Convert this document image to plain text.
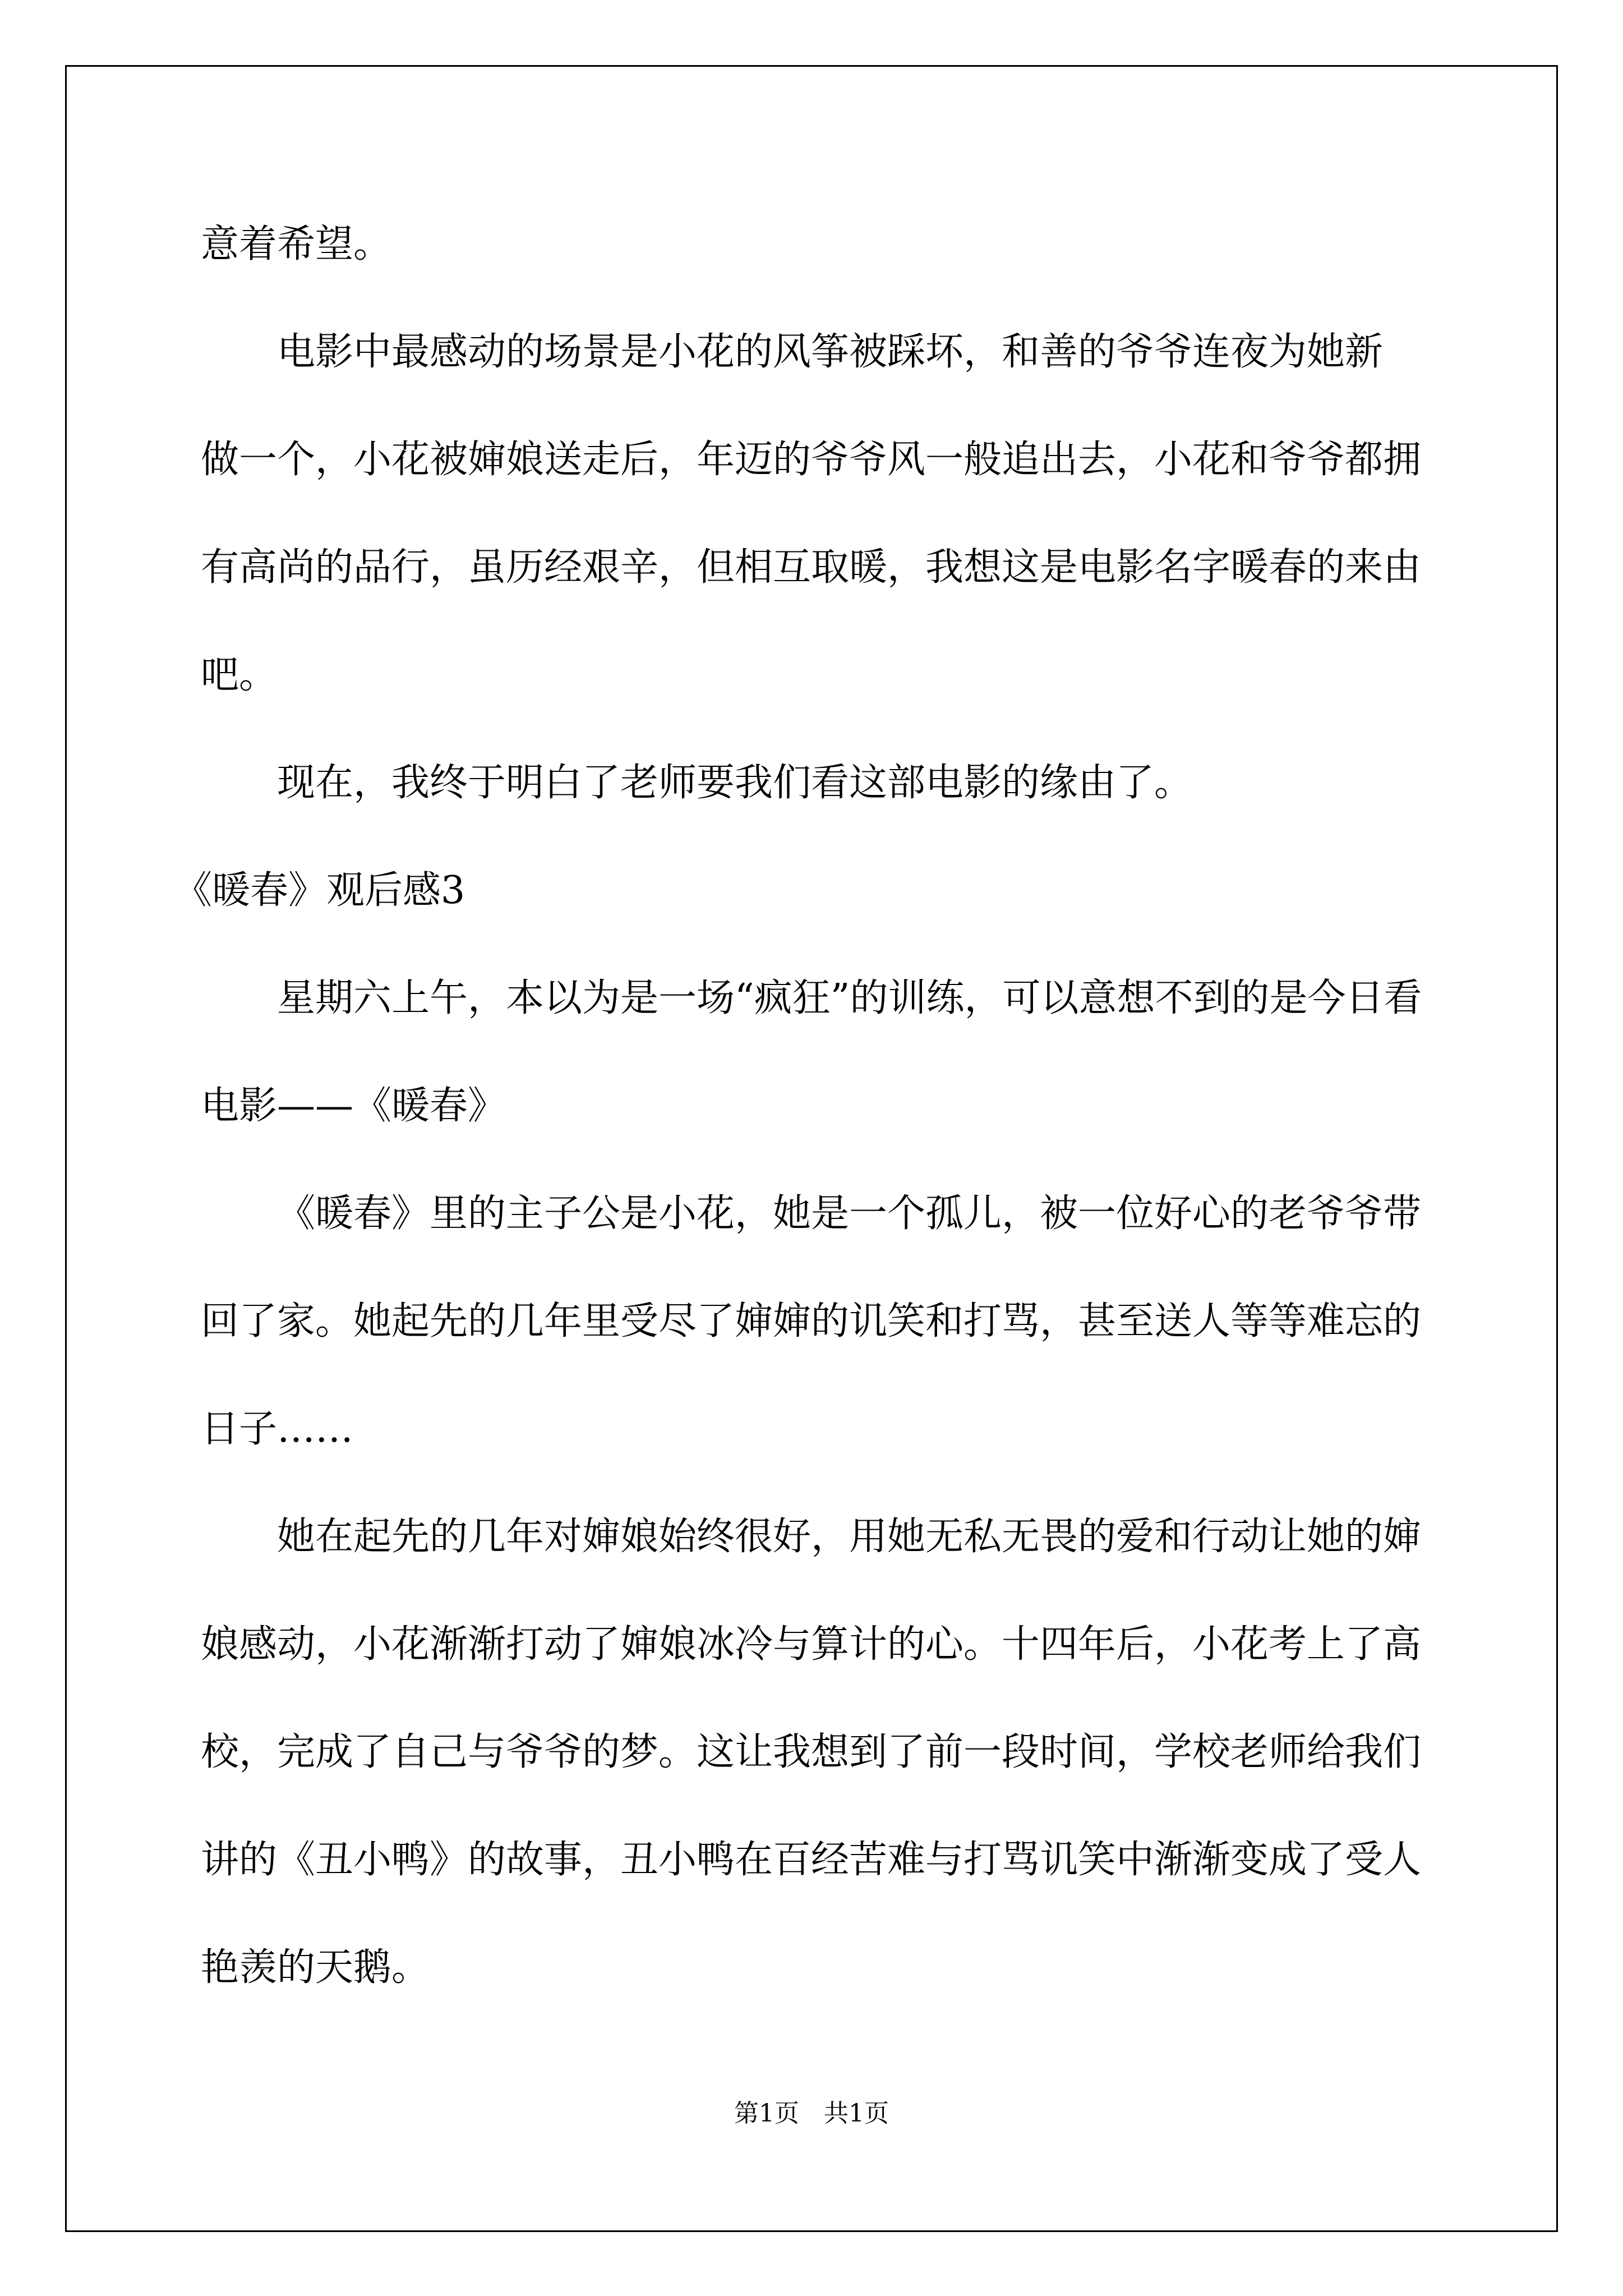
意着希望。

电影中最感动的场景是小花的风筝被踩坏，和善的爷爷连夜为她新 做一个，小花被婶娘送走后，年迈的爷爷风一般追出去，小花和爷爷都拥有高尚的品行，虽历经艰辛，但相互取暖，我想这是电影名字暖春的来由吧。

现在，我终于明白了老师要我们看这部电影的缘由了。

《暖春》观后感3

星期六上午，本以为是一场“疯狂”的训练，可以意想不到的是今日看电影——《暖春》

《暖春》里的主子公是小花，她是一个孤儿，被一位好心的老爷爷带回了家。她起先的几年里受尽了婶婶的讥笑和打骂，甚至送人等等难忘的日子……

她在起先的几年对婶娘始终很好，用她无私无畏的爱和行动让她的婶娘感动，小花渐渐打动了婶娘冰冷与算计的心。十四年后，小花考上了高校，完成了自己与爷爷的梦。这让我想到了前一段时间，学校老师给我们讲的《丑小鸭》的故事，丑小鸭在百经苦难与打骂讥笑中渐渐变成了受人艳羡的天鹅。

第1页　共1页
